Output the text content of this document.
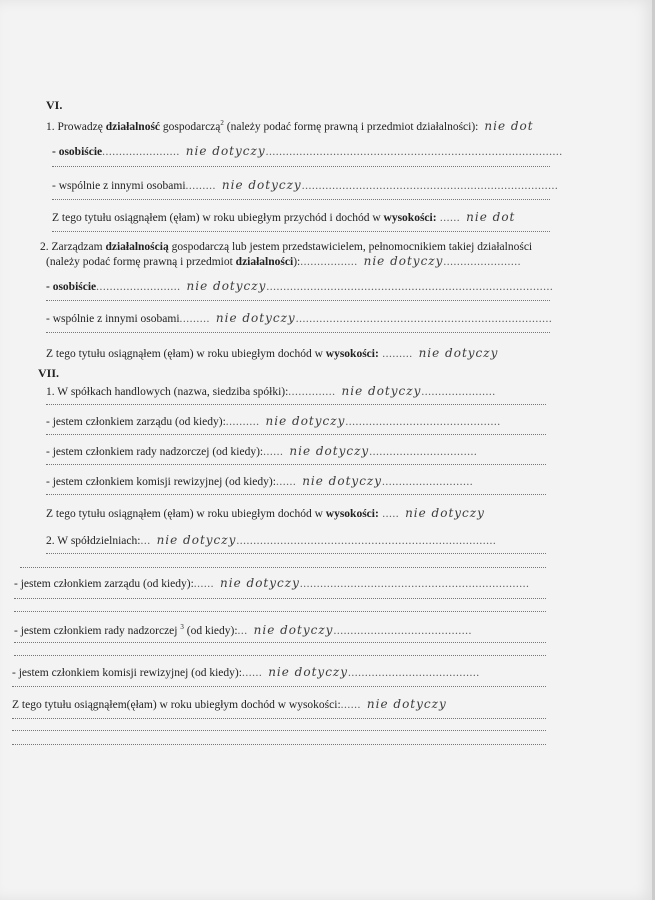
VI.
1. Prowadzę działalność gospodarczą$^2$ (należy podać formę prawną i przedmiot działalności): nie dot
- osobiście....................... nie dotyczy........................................................................................
- wspólnie z innymi osobami......... nie dotyczy............................................................................
Z tego tytułu osiągnąłem (ęłam) w roku ubiegłym przychód i dochód w wysokości: ...... nie dot
2. Zarządzam działalnością gospodarczą lub jestem przedstawicielem, pełnomocnikiem takiej działalności
(należy podać formę prawną i przedmiot działalności):................. nie dotyczy.......................
- osobiście......................... nie dotyczy.....................................................................................
- wspólnie z innymi osobami......... nie dotyczy............................................................................
Z tego tytułu osiągnąłem (ęłam) w roku ubiegłym dochód w wysokości: ......... nie dotyczy
VII.
1. W spółkach handlowych (nazwa, siedziba spółki):.............. nie dotyczy......................
- jestem członkiem zarządu (od kiedy):.......... nie dotyczy..............................................
- jestem członkiem rady nadzorczej (od kiedy):...... nie dotyczy................................
- jestem członkiem komisji rewizyjnej (od kiedy):...... nie dotyczy...........................
Z tego tytułu osiągnąłem (ęłam) w roku ubiegłym dochód w wysokości: ..... nie dotyczy
2. W spółdzielniach:... nie dotyczy.............................................................................
- jestem członkiem zarządu (od kiedy):...... nie dotyczy....................................................................
- jestem członkiem rady nadzorczej $^3$ (od kiedy):... nie dotyczy.........................................
- jestem członkiem komisji rewizyjnej (od kiedy):...... nie dotyczy.......................................
Z tego tytułu osiągnąłem(ęłam) w roku ubiegłym dochód w wysokości:...... nie dotyczy
